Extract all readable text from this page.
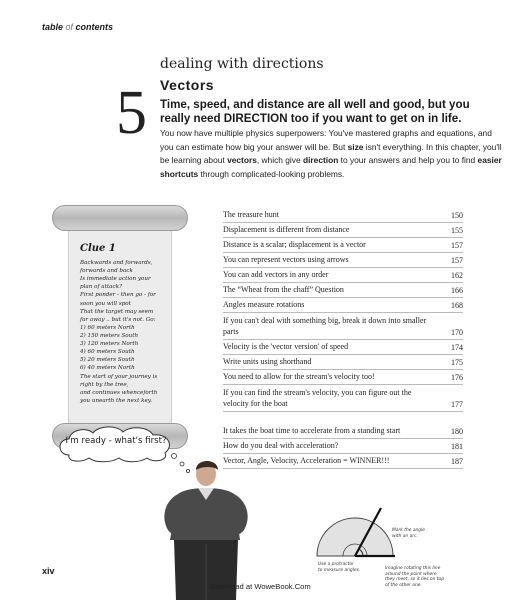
table of contents
5
dealing with directions
Vectors
Time, speed, and distance are all well and good, but you really need DIRECTION too if you want to get on in life.
You now have multiple physics superpowers: You've mastered graphs and equations, and you can estimate how big your answer will be. But size isn't everything. In this chapter, you'll be learning about vectors, which give direction to your answers and help you to find easier shortcuts through complicated-looking problems.
Clue 1
Backwards and forwards,
forwards and back
Is immediate action your
plan of attack?
First ponder - then go - for
soon you will spot
That the target may seem
far away .. but it's not. Go:
1) 60 meters North
2) 150 meters South
3) 120 meters North
4) 60 meters South
5) 20 meters South
6) 40 meters North
The start of your journey is
right by the tree,
and continues whenceforth
you unearth the next key.
I'm ready - what's first?
Mark the angle
with an arc.
Use a protractor
to measure angles.	Imagine rotating this line
around the point where
they meet, so it lies on top
of the other one.
The treasure hunt	150
Displacement is different from distance	155
Distance is a scalar; displacement is a vector	157
You can represent vectors using arrows	157
You can add vectors in any order	162
The “Wheat from the chaff” Question	166
Angles measure rotations	168
If you can't deal with something big, break it down into smaller parts	170
Velocity is the 'vector version' of speed	174
Write units using shorthand	175
You need to allow for the stream's velocity too!	176
If you can find the stream's velocity, you can figure out the velocity for the boat	177
It takes the boat time to accelerate from a standing start	180
How do you deal with acceleration?	181
Vector, Angle, Velocity, Acceleration = WINNER!!!	187
xiv
Download at WoweBook.Com
